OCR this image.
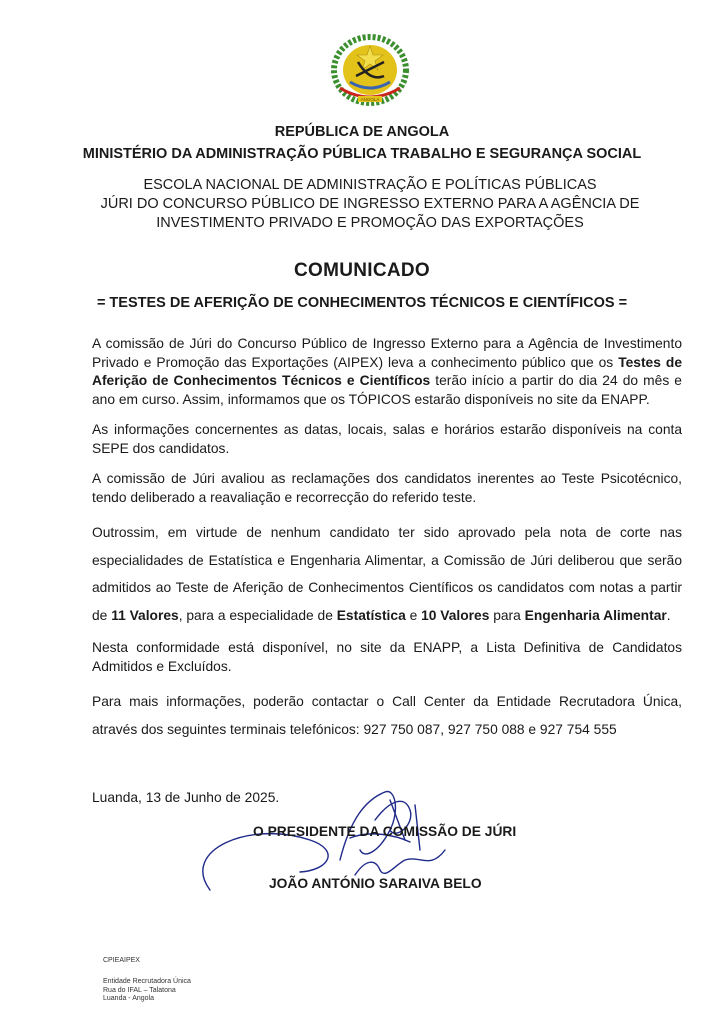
ANGOLA
REPÚBLICA DE ANGOLA
MINISTÉRIO DA ADMINISTRAÇÃO PÚBLICA TRABALHO E SEGURANÇA SOCIAL
ESCOLA NACIONAL DE ADMINISTRAÇÃO E POLÍTICAS PÚBLICAS
JÚRI DO CONCURSO PÚBLICO DE INGRESSO EXTERNO PARA A AGÊNCIA DE INVESTIMENTO PRIVADO E PROMOÇÃO DAS EXPORTAÇÕES
COMUNICADO
= TESTES DE AFERIÇÃO DE CONHECIMENTOS TÉCNICOS E CIENTÍFICOS =

A comissão de Júri do Concurso Público de Ingresso Externo para a Agência de Investimento Privado e Promoção das Exportações (AIPEX) leva a conhecimento público que os Testes de Aferição de Conhecimentos Técnicos e Científicos terão início a partir do dia 24 do mês e ano em curso. Assim, informamos que os TÓPICOS estarão disponíveis no site da ENAPP.

As informações concernentes as datas, locais, salas e horários estarão disponíveis na conta SEPE dos candidatos.

A comissão de Júri avaliou as reclamações dos candidatos inerentes ao Teste Psicotécnico, tendo deliberado a reavaliação e recorrecção do referido teste.

Outrossim, em virtude de nenhum candidato ter sido aprovado pela nota de corte nas especialidades de Estatística e Engenharia Alimentar, a Comissão de Júri deliberou que serão admitidos ao Teste de Aferição de Conhecimentos Científicos os candidatos com notas a partir de 11 Valores, para a especialidade de Estatística e 10 Valores para Engenharia Alimentar.

Nesta conformidade está disponível, no site da ENAPP, a Lista Definitiva de Candidatos Admitidos e Excluídos.

Para mais informações, poderão contactar o Call Center da Entidade Recrutadora Única, através dos seguintes terminais telefónicos: 927 750 087, 927 750 088 e 927 754 555

Luanda, 13 de Junho de 2025.
O PRESIDENTE DA COMISSÃO DE JÚRI
JOÃO ANTÓNIO SARAIVA BELO
CPIEAIPEX
Entidade Recrutadora Única
Rua do IFAL – Talatona
Luanda - Angola
